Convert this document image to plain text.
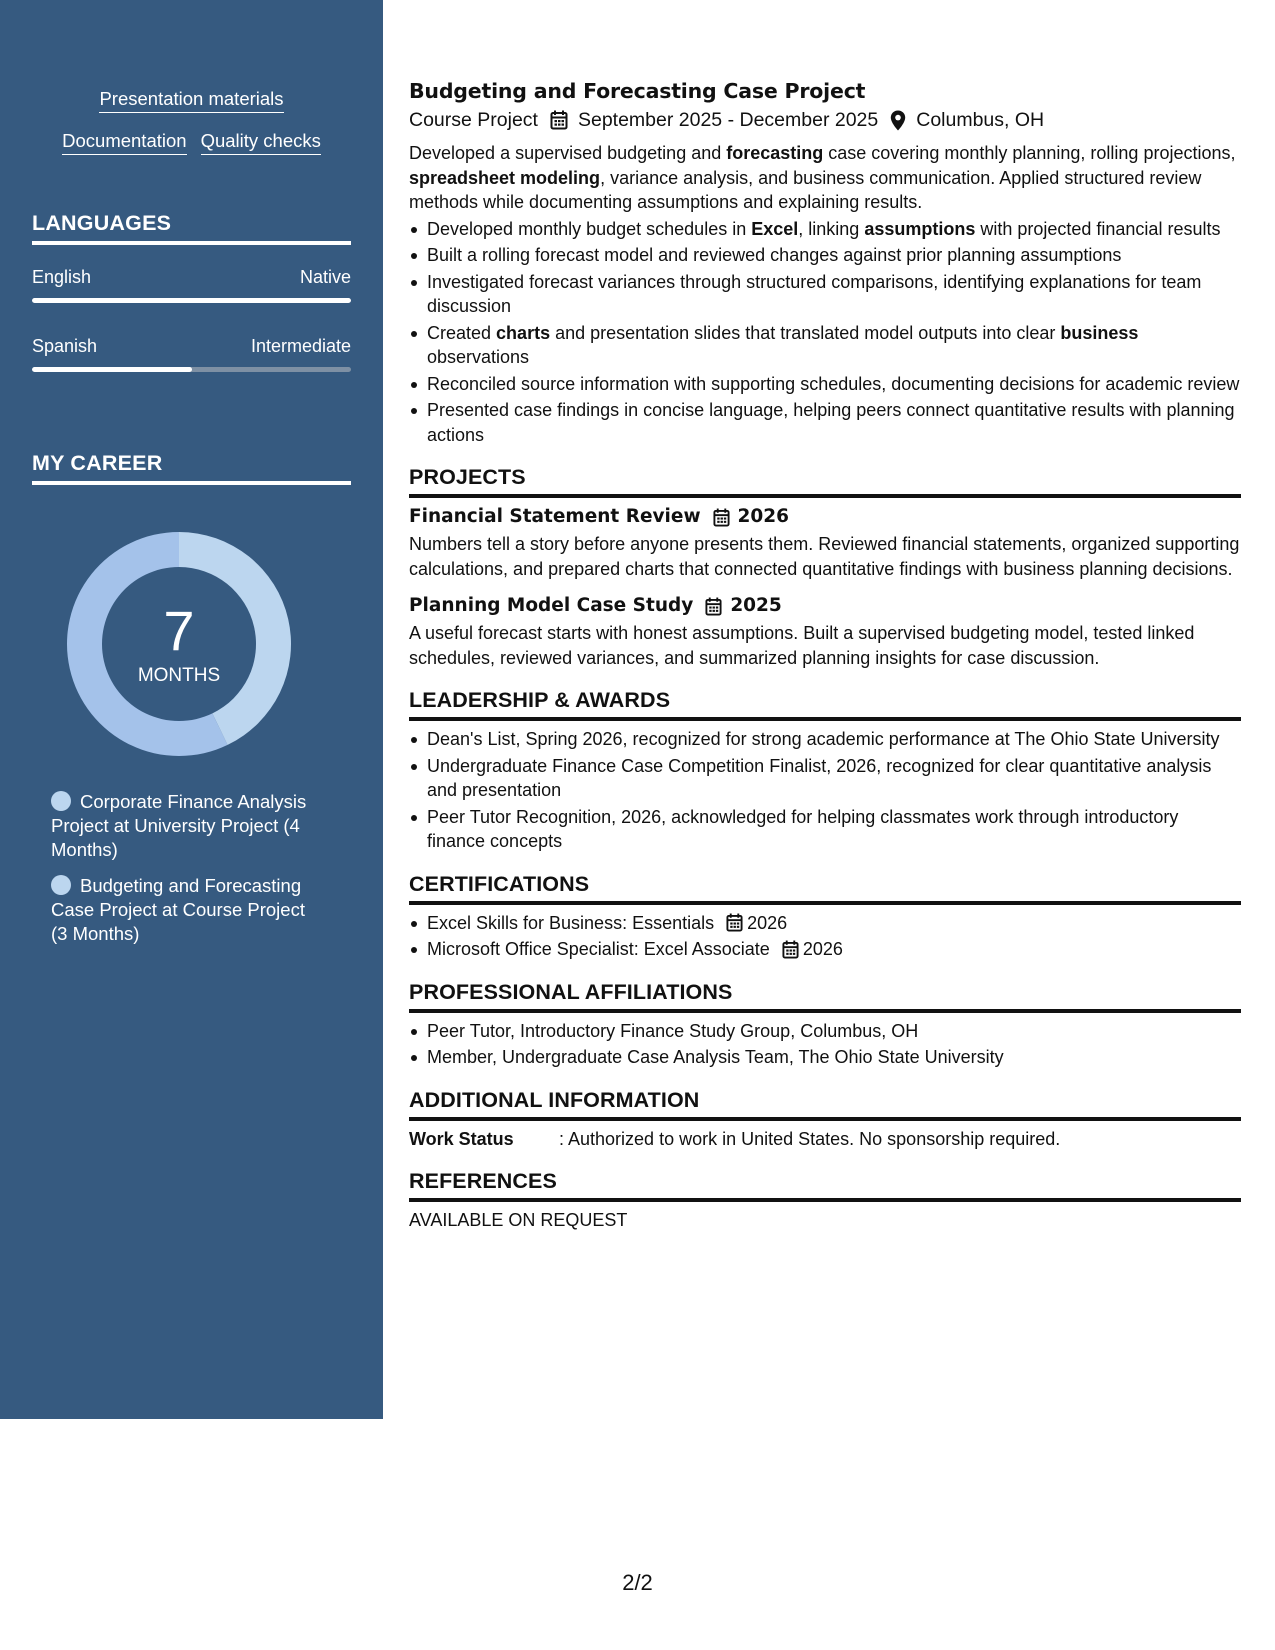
Presentation materials
Documentation Quality checks
LANGUAGES
English	Native
Spanish	Intermediate
MY CAREER
7
MONTHS
Corporate Finance Analysis Project at University Project (4 Months)
Budgeting and Forecasting Case Project at Course Project (3 Months)
Budgeting and Forecasting Case Project
Course Project September 2025 - December 2025 Columbus, OH
Developed a supervised budgeting and forecasting case covering monthly planning, rolling projections, spreadsheet modeling, variance analysis, and business communication. Applied structured review methods while documenting assumptions and explaining results.
Developed monthly budget schedules in Excel, linking assumptions with projected financial results
Built a rolling forecast model and reviewed changes against prior planning assumptions
Investigated forecast variances through structured comparisons, identifying explanations for team discussion
Created charts and presentation slides that translated model outputs into clear business observations
Reconciled source information with supporting schedules, documenting decisions for academic review
Presented case findings in concise language, helping peers connect quantitative results with planning actions
PROJECTS
Financial Statement Review 2026
Numbers tell a story before anyone presents them. Reviewed financial statements, organized supporting calculations, and prepared charts that connected quantitative findings with business planning decisions.
Planning Model Case Study 2025
A useful forecast starts with honest assumptions. Built a supervised budgeting model, tested linked schedules, reviewed variances, and summarized planning insights for case discussion.
LEADERSHIP & AWARDS
Dean's List, Spring 2026, recognized for strong academic performance at The Ohio State University
Undergraduate Finance Case Competition Finalist, 2026, recognized for clear quantitative analysis and presentation
Peer Tutor Recognition, 2026, acknowledged for helping classmates work through introductory finance concepts
CERTIFICATIONS
Excel Skills for Business: Essentials 2026
Microsoft Office Specialist: Excel Associate 2026
PROFESSIONAL AFFILIATIONS
Peer Tutor, Introductory Finance Study Group, Columbus, OH
Member, Undergraduate Case Analysis Team, The Ohio State University
ADDITIONAL INFORMATION
Work Status	: Authorized to work in United States. No sponsorship required.
REFERENCES
AVAILABLE ON REQUEST
2/2
